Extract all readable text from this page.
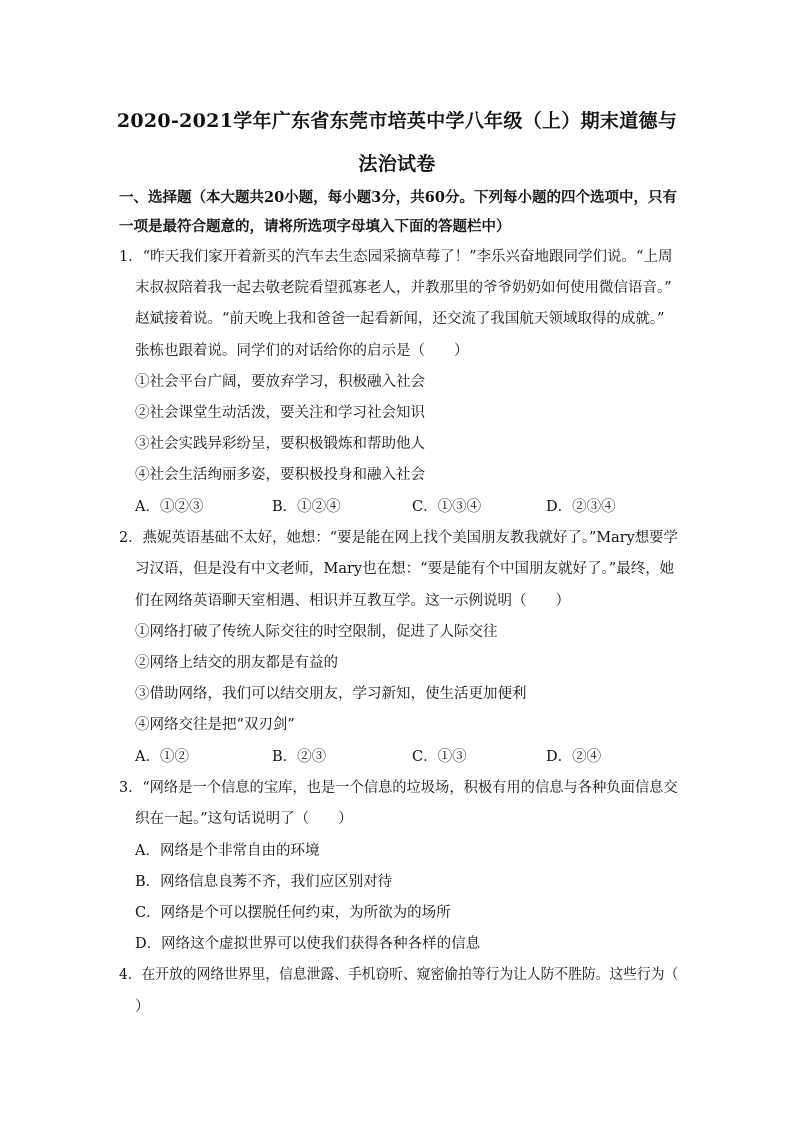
2020-2021学年广东省东莞市培英中学八年级（上）期末道德与
法治试卷
一、选择题（本大题共20小题，每小题3分，共60分。下列每小题的四个选项中，只有
一项是最符合题意的，请将所选项字母填入下面的答题栏中）
1．“昨天我们家开着新买的汽车去生态园采摘草莓了！”李乐兴奋地跟同学们说。“上周
末叔叔陪着我一起去敬老院看望孤寡老人，并教那里的爷爷奶奶如何使用微信语音。”
赵斌接着说。“前天晚上我和爸爸一起看新闻，还交流了我国航天领域取得的成就。”
张栋也跟着说。同学们的对话给你的启示是（　　）
①社会平台广阔，要放弃学习，积极融入社会
②社会课堂生动活泼，要关注和学习社会知识
③社会实践异彩纷呈，要积极锻炼和帮助他人
④社会生活绚丽多姿，要积极投身和融入社会
A．①②③	B．①②④	C．①③④	D．②③④
2．燕妮英语基础不太好，她想：“要是能在网上找个美国朋友教我就好了。”Mary想要学
习汉语，但是没有中文老师，Mary也在想：“要是能有个中国朋友就好了。”最终，她
们在网络英语聊天室相遇、相识并互教互学。这一示例说明（　　）
①网络打破了传统人际交往的时空限制，促进了人际交往
②网络上结交的朋友都是有益的
③借助网络，我们可以结交朋友，学习新知，使生活更加便利
④网络交往是把“双刃剑”
A．①②	B．②③	C．①③	D．②④
3．“网络是一个信息的宝库，也是一个信息的垃圾场，积极有用的信息与各种负面信息交
织在一起。”这句话说明了（　　）
A．网络是个非常自由的环境
B．网络信息良莠不齐，我们应区别对待
C．网络是个可以摆脱任何约束，为所欲为的场所
D．网络这个虚拟世界可以使我们获得各种各样的信息
4．在开放的网络世界里，信息泄露、手机窃听、窥密偷拍等行为让人防不胜防。这些行为（
）
